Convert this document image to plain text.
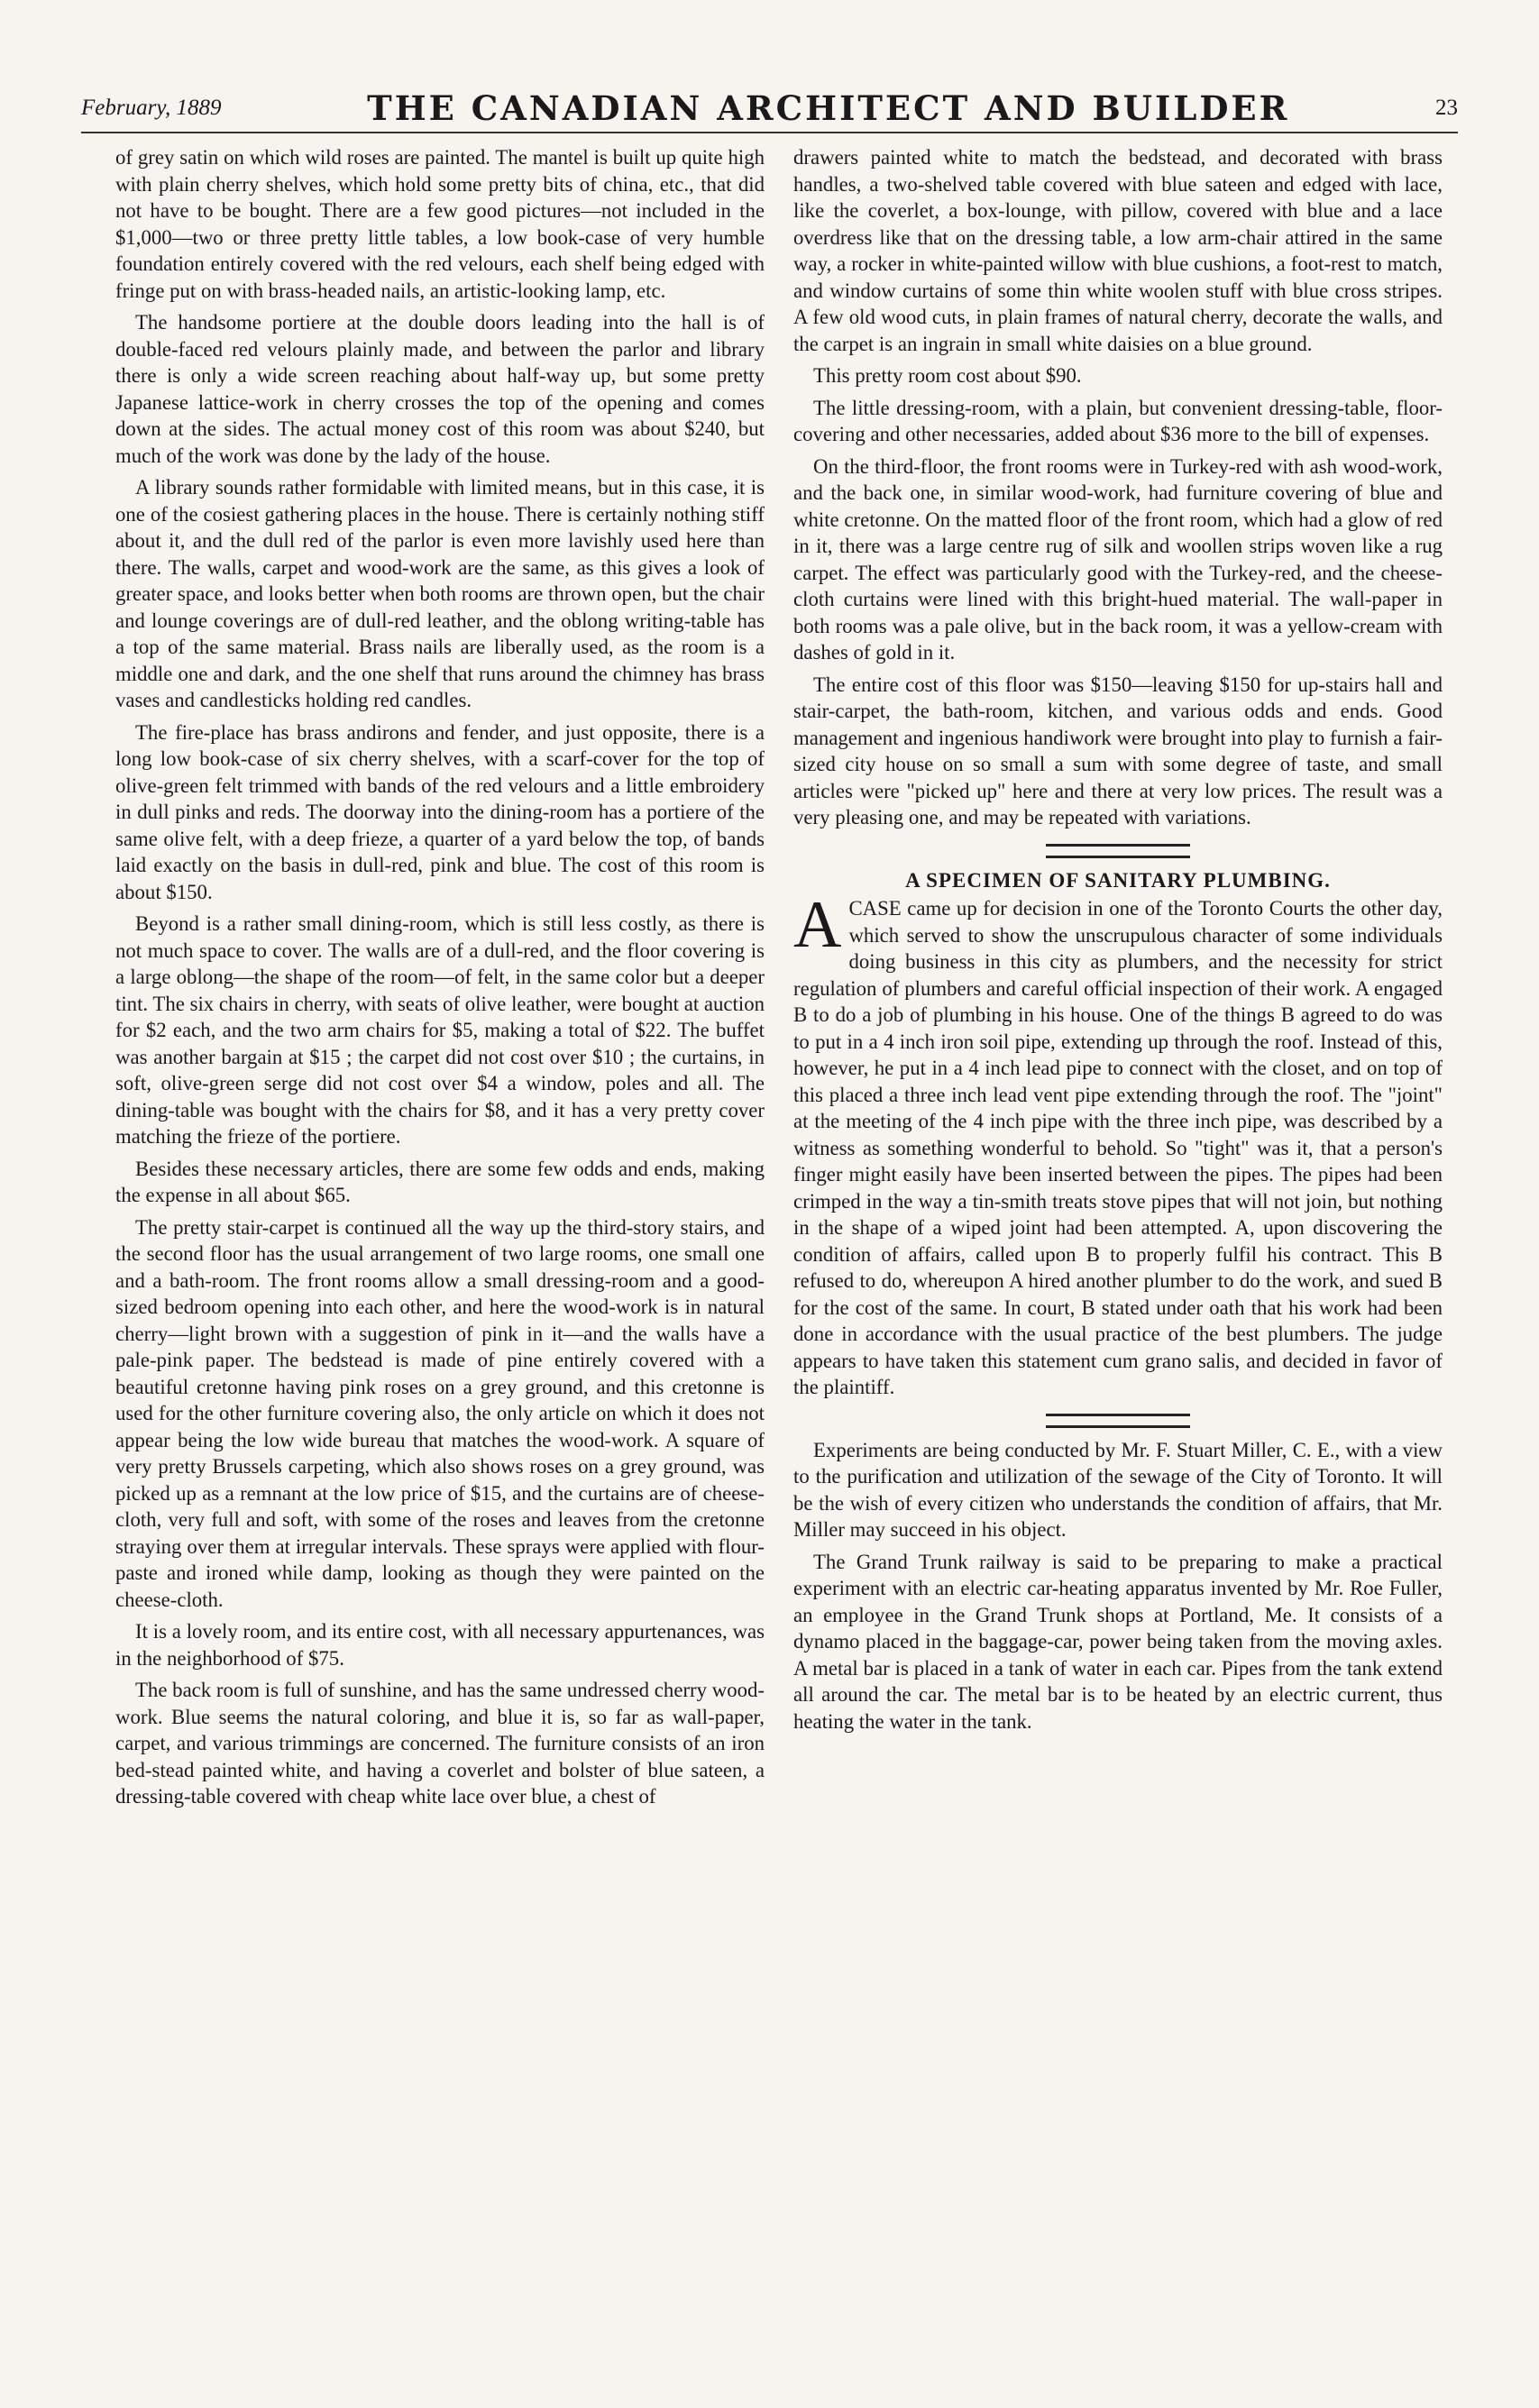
February, 1889	THE CANADIAN ARCHITECT AND BUILDER	23

of grey satin on which wild roses are painted. The mantel is built up quite high with plain cherry shelves, which hold some pretty bits of china, etc., that did not have to be bought. There are a few good pictures—not included in the $1,000—two or three pretty little tables, a low book-case of very humble foundation entirely covered with the red velours, each shelf being edged with fringe put on with brass-headed nails, an artistic-looking lamp, etc.

The handsome portiere at the double doors leading into the hall is of double-faced red velours plainly made, and between the parlor and library there is only a wide screen reaching about half-way up, but some pretty Japanese lattice-work in cherry crosses the top of the opening and comes down at the sides. The actual money cost of this room was about $240, but much of the work was done by the lady of the house.

A library sounds rather formidable with limited means, but in this case, it is one of the cosiest gathering places in the house. There is certainly nothing stiff about it, and the dull red of the parlor is even more lavishly used here than there. The walls, carpet and wood-work are the same, as this gives a look of greater space, and looks better when both rooms are thrown open, but the chair and lounge coverings are of dull-red leather, and the oblong writing-table has a top of the same material. Brass nails are liberally used, as the room is a middle one and dark, and the one shelf that runs around the chimney has brass vases and candlesticks holding red candles.

The fire-place has brass andirons and fender, and just opposite, there is a long low book-case of six cherry shelves, with a scarf-cover for the top of olive-green felt trimmed with bands of the red velours and a little embroidery in dull pinks and reds. The doorway into the dining-room has a portiere of the same olive felt, with a deep frieze, a quarter of a yard below the top, of bands laid exactly on the basis in dull-red, pink and blue. The cost of this room is about $150.

Beyond is a rather small dining-room, which is still less costly, as there is not much space to cover. The walls are of a dull-red, and the floor covering is a large oblong—the shape of the room—of felt, in the same color but a deeper tint. The six chairs in cherry, with seats of olive leather, were bought at auction for $2 each, and the two arm chairs for $5, making a total of $22. The buffet was another bargain at $15 ; the carpet did not cost over $10 ; the curtains, in soft, olive-green serge did not cost over $4 a window, poles and all. The dining-table was bought with the chairs for $8, and it has a very pretty cover matching the frieze of the portiere.

Besides these necessary articles, there are some few odds and ends, making the expense in all about $65.

The pretty stair-carpet is continued all the way up the third-story stairs, and the second floor has the usual arrangement of two large rooms, one small one and a bath-room. The front rooms allow a small dressing-room and a good-sized bedroom opening into each other, and here the wood-work is in natural cherry—light brown with a suggestion of pink in it—and the walls have a pale-pink paper. The bedstead is made of pine entirely covered with a beautiful cretonne having pink roses on a grey ground, and this cretonne is used for the other furniture covering also, the only article on which it does not appear being the low wide bureau that matches the wood-work. A square of very pretty Brussels carpeting, which also shows roses on a grey ground, was picked up as a remnant at the low price of $15, and the curtains are of cheese-cloth, very full and soft, with some of the roses and leaves from the cretonne straying over them at irregular intervals. These sprays were applied with flour-paste and ironed while damp, looking as though they were painted on the cheese-cloth.

It is a lovely room, and its entire cost, with all necessary appurtenances, was in the neighborhood of $75.

The back room is full of sunshine, and has the same undressed cherry wood-work. Blue seems the natural coloring, and blue it is, so far as wall-paper, carpet, and various trimmings are concerned. The furniture consists of an iron bed-stead painted white, and having a coverlet and bolster of blue sateen, a dressing-table covered with cheap white lace over blue, a chest of

drawers painted white to match the bedstead, and decorated with brass handles, a two-shelved table covered with blue sateen and edged with lace, like the coverlet, a box-lounge, with pillow, covered with blue and a lace overdress like that on the dressing table, a low arm-chair attired in the same way, a rocker in white-painted willow with blue cushions, a foot-rest to match, and window curtains of some thin white woolen stuff with blue cross stripes. A few old wood cuts, in plain frames of natural cherry, decorate the walls, and the carpet is an ingrain in small white daisies on a blue ground.

This pretty room cost about $90.

The little dressing-room, with a plain, but convenient dressing-table, floor-covering and other necessaries, added about $36 more to the bill of expenses.

On the third-floor, the front rooms were in Turkey-red with ash wood-work, and the back one, in similar wood-work, had furniture covering of blue and white cretonne. On the matted floor of the front room, which had a glow of red in it, there was a large centre rug of silk and woollen strips woven like a rug carpet. The effect was particularly good with the Turkey-red, and the cheese-cloth curtains were lined with this bright-hued material. The wall-paper in both rooms was a pale olive, but in the back room, it was a yellow-cream with dashes of gold in it.

The entire cost of this floor was $150—leaving $150 for up-stairs hall and stair-carpet, the bath-room, kitchen, and various odds and ends. Good management and ingenious handiwork were brought into play to furnish a fair-sized city house on so small a sum with some degree of taste, and small articles were "picked up" here and there at very low prices. The result was a very pleasing one, and may be repeated with variations.

A SPECIMEN OF SANITARY PLUMBING.

A CASE came up for decision in one of the Toronto Courts the other day, which served to show the unscrupulous character of some individuals doing business in this city as plumbers, and the necessity for strict regulation of plumbers and careful official inspection of their work. A engaged B to do a job of plumbing in his house. One of the things B agreed to do was to put in a 4 inch iron soil pipe, extending up through the roof. Instead of this, however, he put in a 4 inch lead pipe to connect with the closet, and on top of this placed a three inch lead vent pipe extending through the roof. The "joint" at the meeting of the 4 inch pipe with the three inch pipe, was described by a witness as something wonderful to behold. So "tight" was it, that a person's finger might easily have been inserted between the pipes. The pipes had been crimped in the way a tin-smith treats stove pipes that will not join, but nothing in the shape of a wiped joint had been attempted. A, upon discovering the condition of affairs, called upon B to properly fulfil his contract. This B refused to do, whereupon A hired another plumber to do the work, and sued B for the cost of the same. In court, B stated under oath that his work had been done in accordance with the usual practice of the best plumbers. The judge appears to have taken this statement cum grano salis, and decided in favor of the plaintiff.

Experiments are being conducted by Mr. F. Stuart Miller, C. E., with a view to the purification and utilization of the sewage of the City of Toronto. It will be the wish of every citizen who understands the condition of affairs, that Mr. Miller may succeed in his object.

The Grand Trunk railway is said to be preparing to make a practical experiment with an electric car-heating apparatus invented by Mr. Roe Fuller, an employee in the Grand Trunk shops at Portland, Me. It consists of a dynamo placed in the baggage-car, power being taken from the moving axles. A metal bar is placed in a tank of water in each car. Pipes from the tank extend all around the car. The metal bar is to be heated by an electric current, thus heating the water in the tank.
